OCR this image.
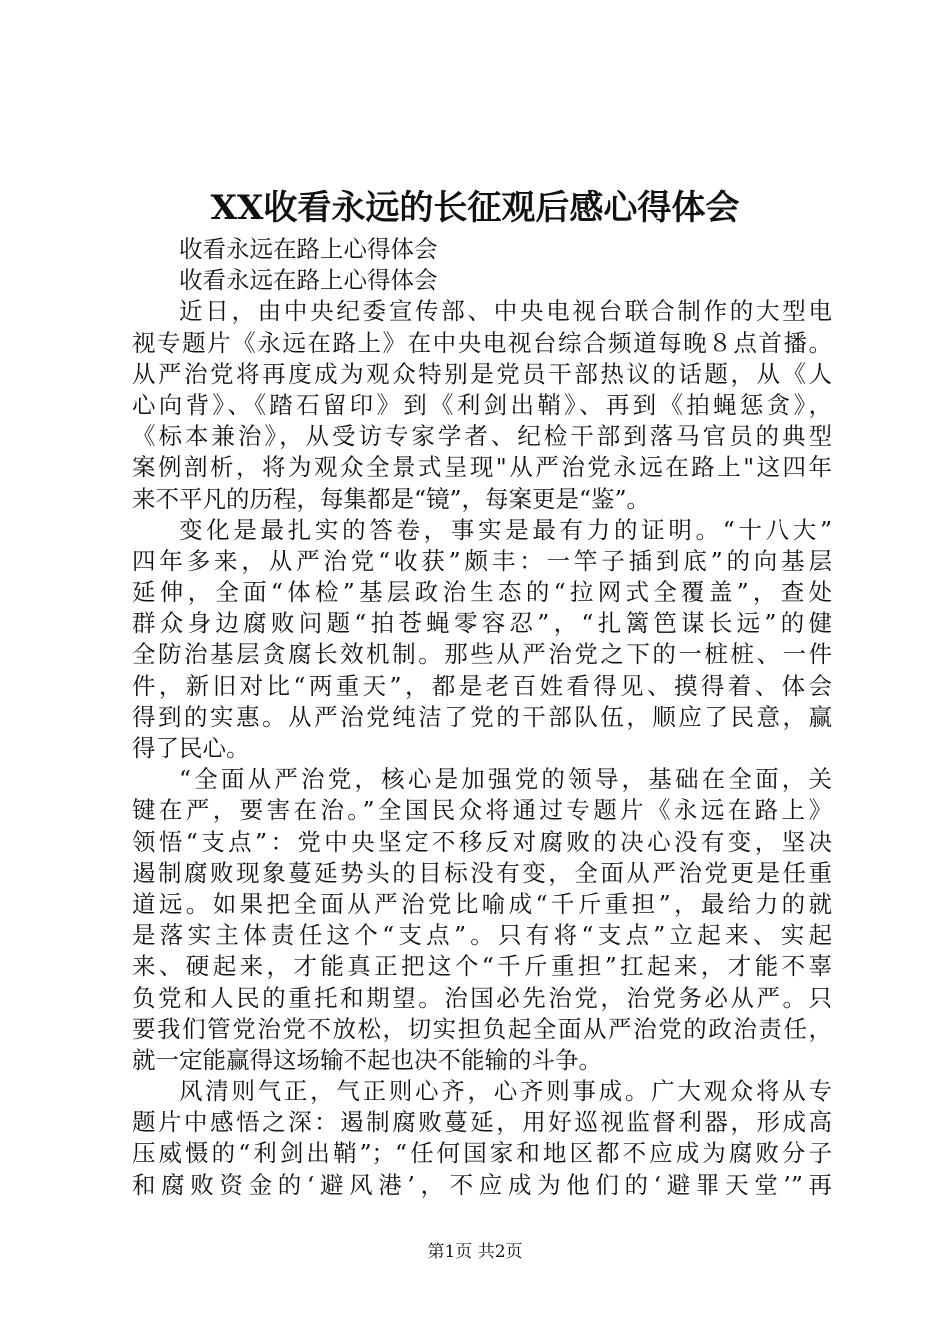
XX收看永远的长征观后感心得体会
收看永远在路上心得体会
收看永远在路上心得体会
近日，由中央纪委宣传部、中央电视台联合制作的大型电
视专题片《永远在路上》在中央电视台综合频道每晚８点首播。
从严治党将再度成为观众特别是党员干部热议的话题，从《人
心向背》、《踏石留印》到《利剑出鞘》、再到《拍蝇惩贪》，
《标本兼治》，从受访专家学者、纪检干部到落马官员的典型
案例剖析，将为观众全景式呈现"从严治党永远在路上"这四年
来不平凡的历程，每集都是“镜”，每案更是“鉴”。
变化是最扎实的答卷，事实是最有力的证明。“十八大”
四年多来，从严治党“收获”颇丰：一竿子插到底”的向基层
延伸，全面“体检”基层政治生态的“拉网式全覆盖”，查处
群众身边腐败问题“拍苍蝇零容忍”，“扎篱笆谋长远”的健
全防治基层贪腐长效机制。那些从严治党之下的一桩桩、一件
件，新旧对比“两重天”，都是老百姓看得见、摸得着、体会
得到的实惠。从严治党纯洁了党的干部队伍，顺应了民意，赢
得了民心。
“全面从严治党，核心是加强党的领导，基础在全面，关
键在严，要害在治。”全国民众将通过专题片《永远在路上》
领悟“支点”：党中央坚定不移反对腐败的决心没有变，坚决
遏制腐败现象蔓延势头的目标没有变，全面从严治党更是任重
道远。如果把全面从严治党比喻成“千斤重担”，最给力的就
是落实主体责任这个“支点”。只有将“支点”立起来、实起
来、硬起来，才能真正把这个“千斤重担”扛起来，才能不辜
负党和人民的重托和期望。治国必先治党，治党务必从严。只
要我们管党治党不放松，切实担负起全面从严治党的政治责任，
就一定能赢得这场输不起也决不能输的斗争。
风清则气正，气正则心齐，心齐则事成。广大观众将从专
题片中感悟之深：遏制腐败蔓延，用好巡视监督利器，形成高
压威慑的“利剑出鞘”；“任何国家和地区都不应成为腐败分子
和腐败资金的‘避风港’，不应成为他们的‘避罪天堂’”再
第1页 共2页
